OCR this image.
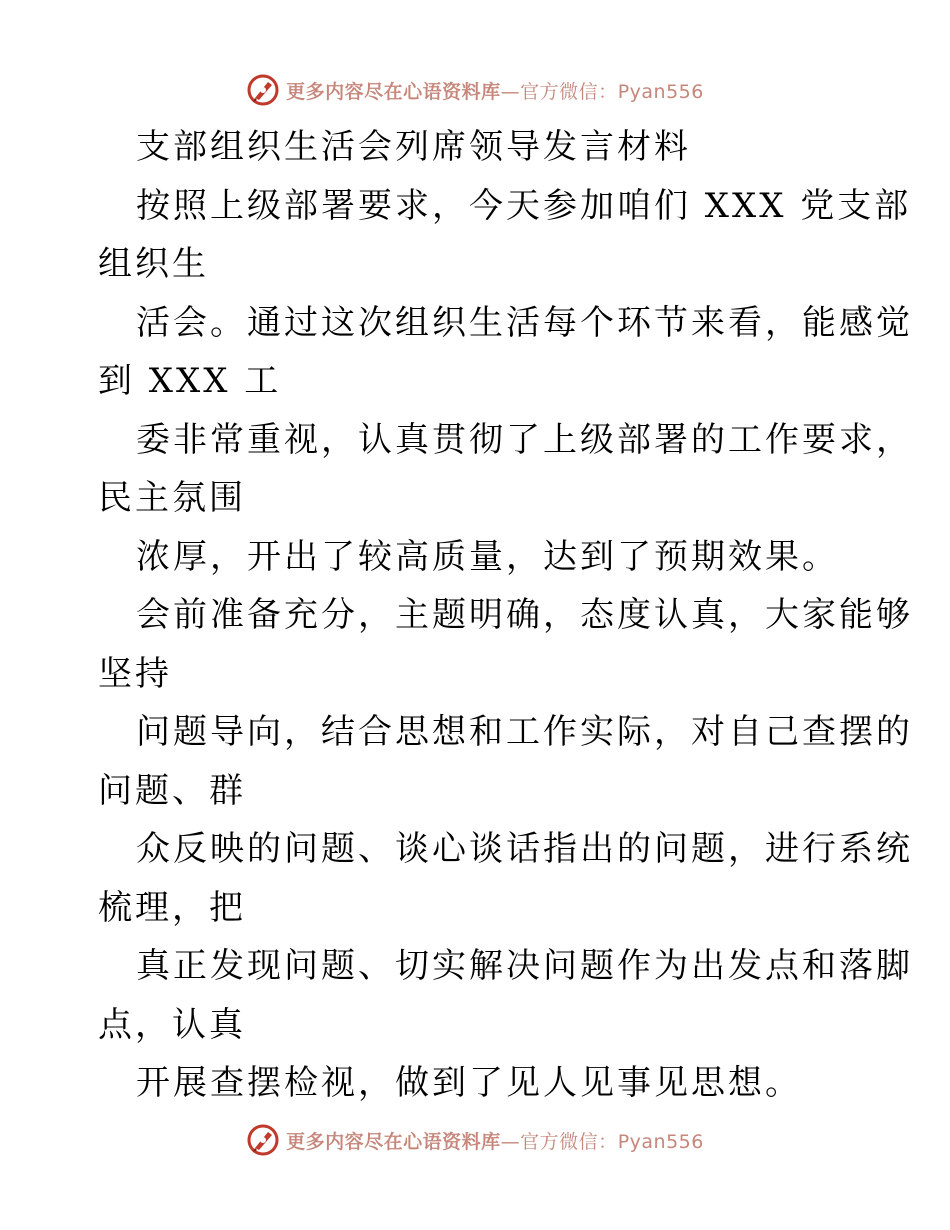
更多内容尽在心语资料库—官方微信：Pyan556
支部组织生活会列席领导发言材料
按照上级部署要求，今天参加咱们 XXX 党支部
组织生
活会。通过这次组织生活每个环节来看，能感觉
到 XXX 工
委非常重视，认真贯彻了上级部署的工作要求，
民主氛围
浓厚，开出了较高质量，达到了预期效果。
会前准备充分，主题明确，态度认真，大家能够
坚持
问题导向，结合思想和工作实际，对自己查摆的
问题、群
众反映的问题、谈心谈话指出的问题，进行系统
梳理，把
真正发现问题、切实解决问题作为出发点和落脚
点，认真
开展查摆检视，做到了见人见事见思想。
更多内容尽在心语资料库—官方微信：Pyan556
